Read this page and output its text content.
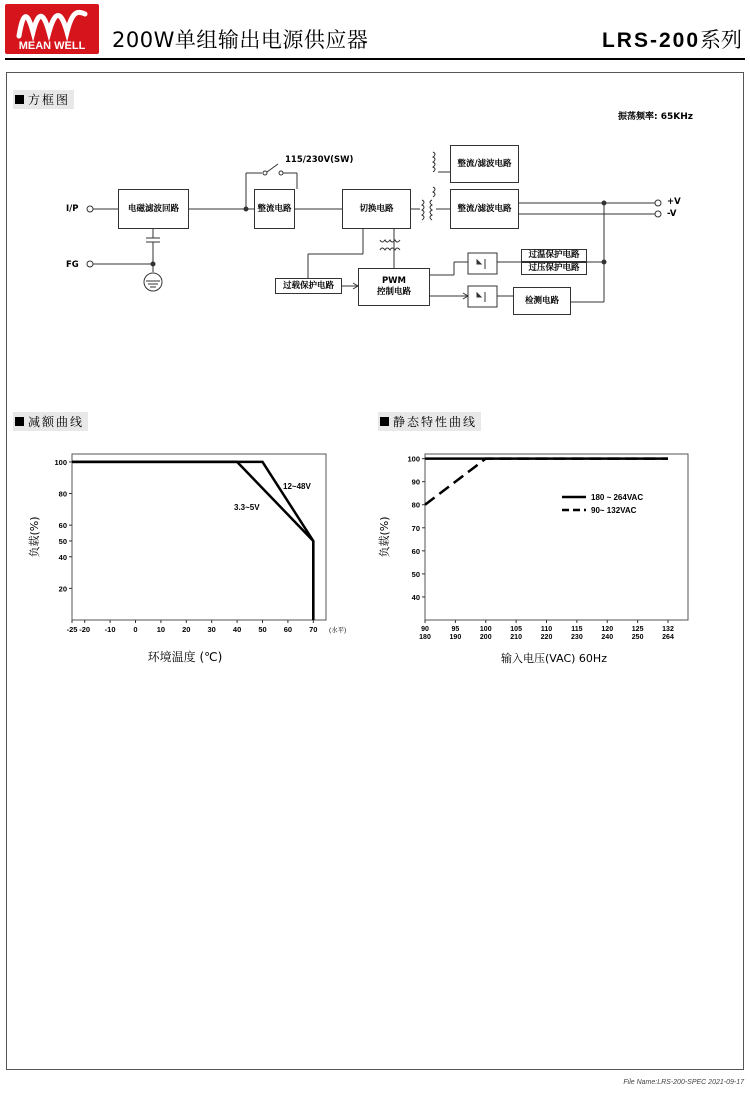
MEAN WELL	200W单组输出电源供应器	LRS-200系列
方框图
振荡频率: 65KHz
I/P
FG
115/230V(SW)
+V
-V
电磁滤波回路	整流电路	切换电路
整流/滤波电路
整流/滤波电路
过载保护电路	PWM
控制电路
过温保护电路
过压保护电路
检测电路
减额曲线	静态特性曲线
-25 -20 -10 0	10 20 30 40 50 60 70 (水平)
100
80
60
50
40
20
12~48V
3.3~5V
环境温度 (℃)
负载(%)
90
180
95
190
100
200
105
210
110
220
115
230
120
240
125
250
132
264
100
90
80
70
60
50
40
180 ~ 264VAC
90~ 132VAC
输入电压(VAC) 60Hz
负载(%)
File Name:LRS-200-SPEC 2021-09-17
